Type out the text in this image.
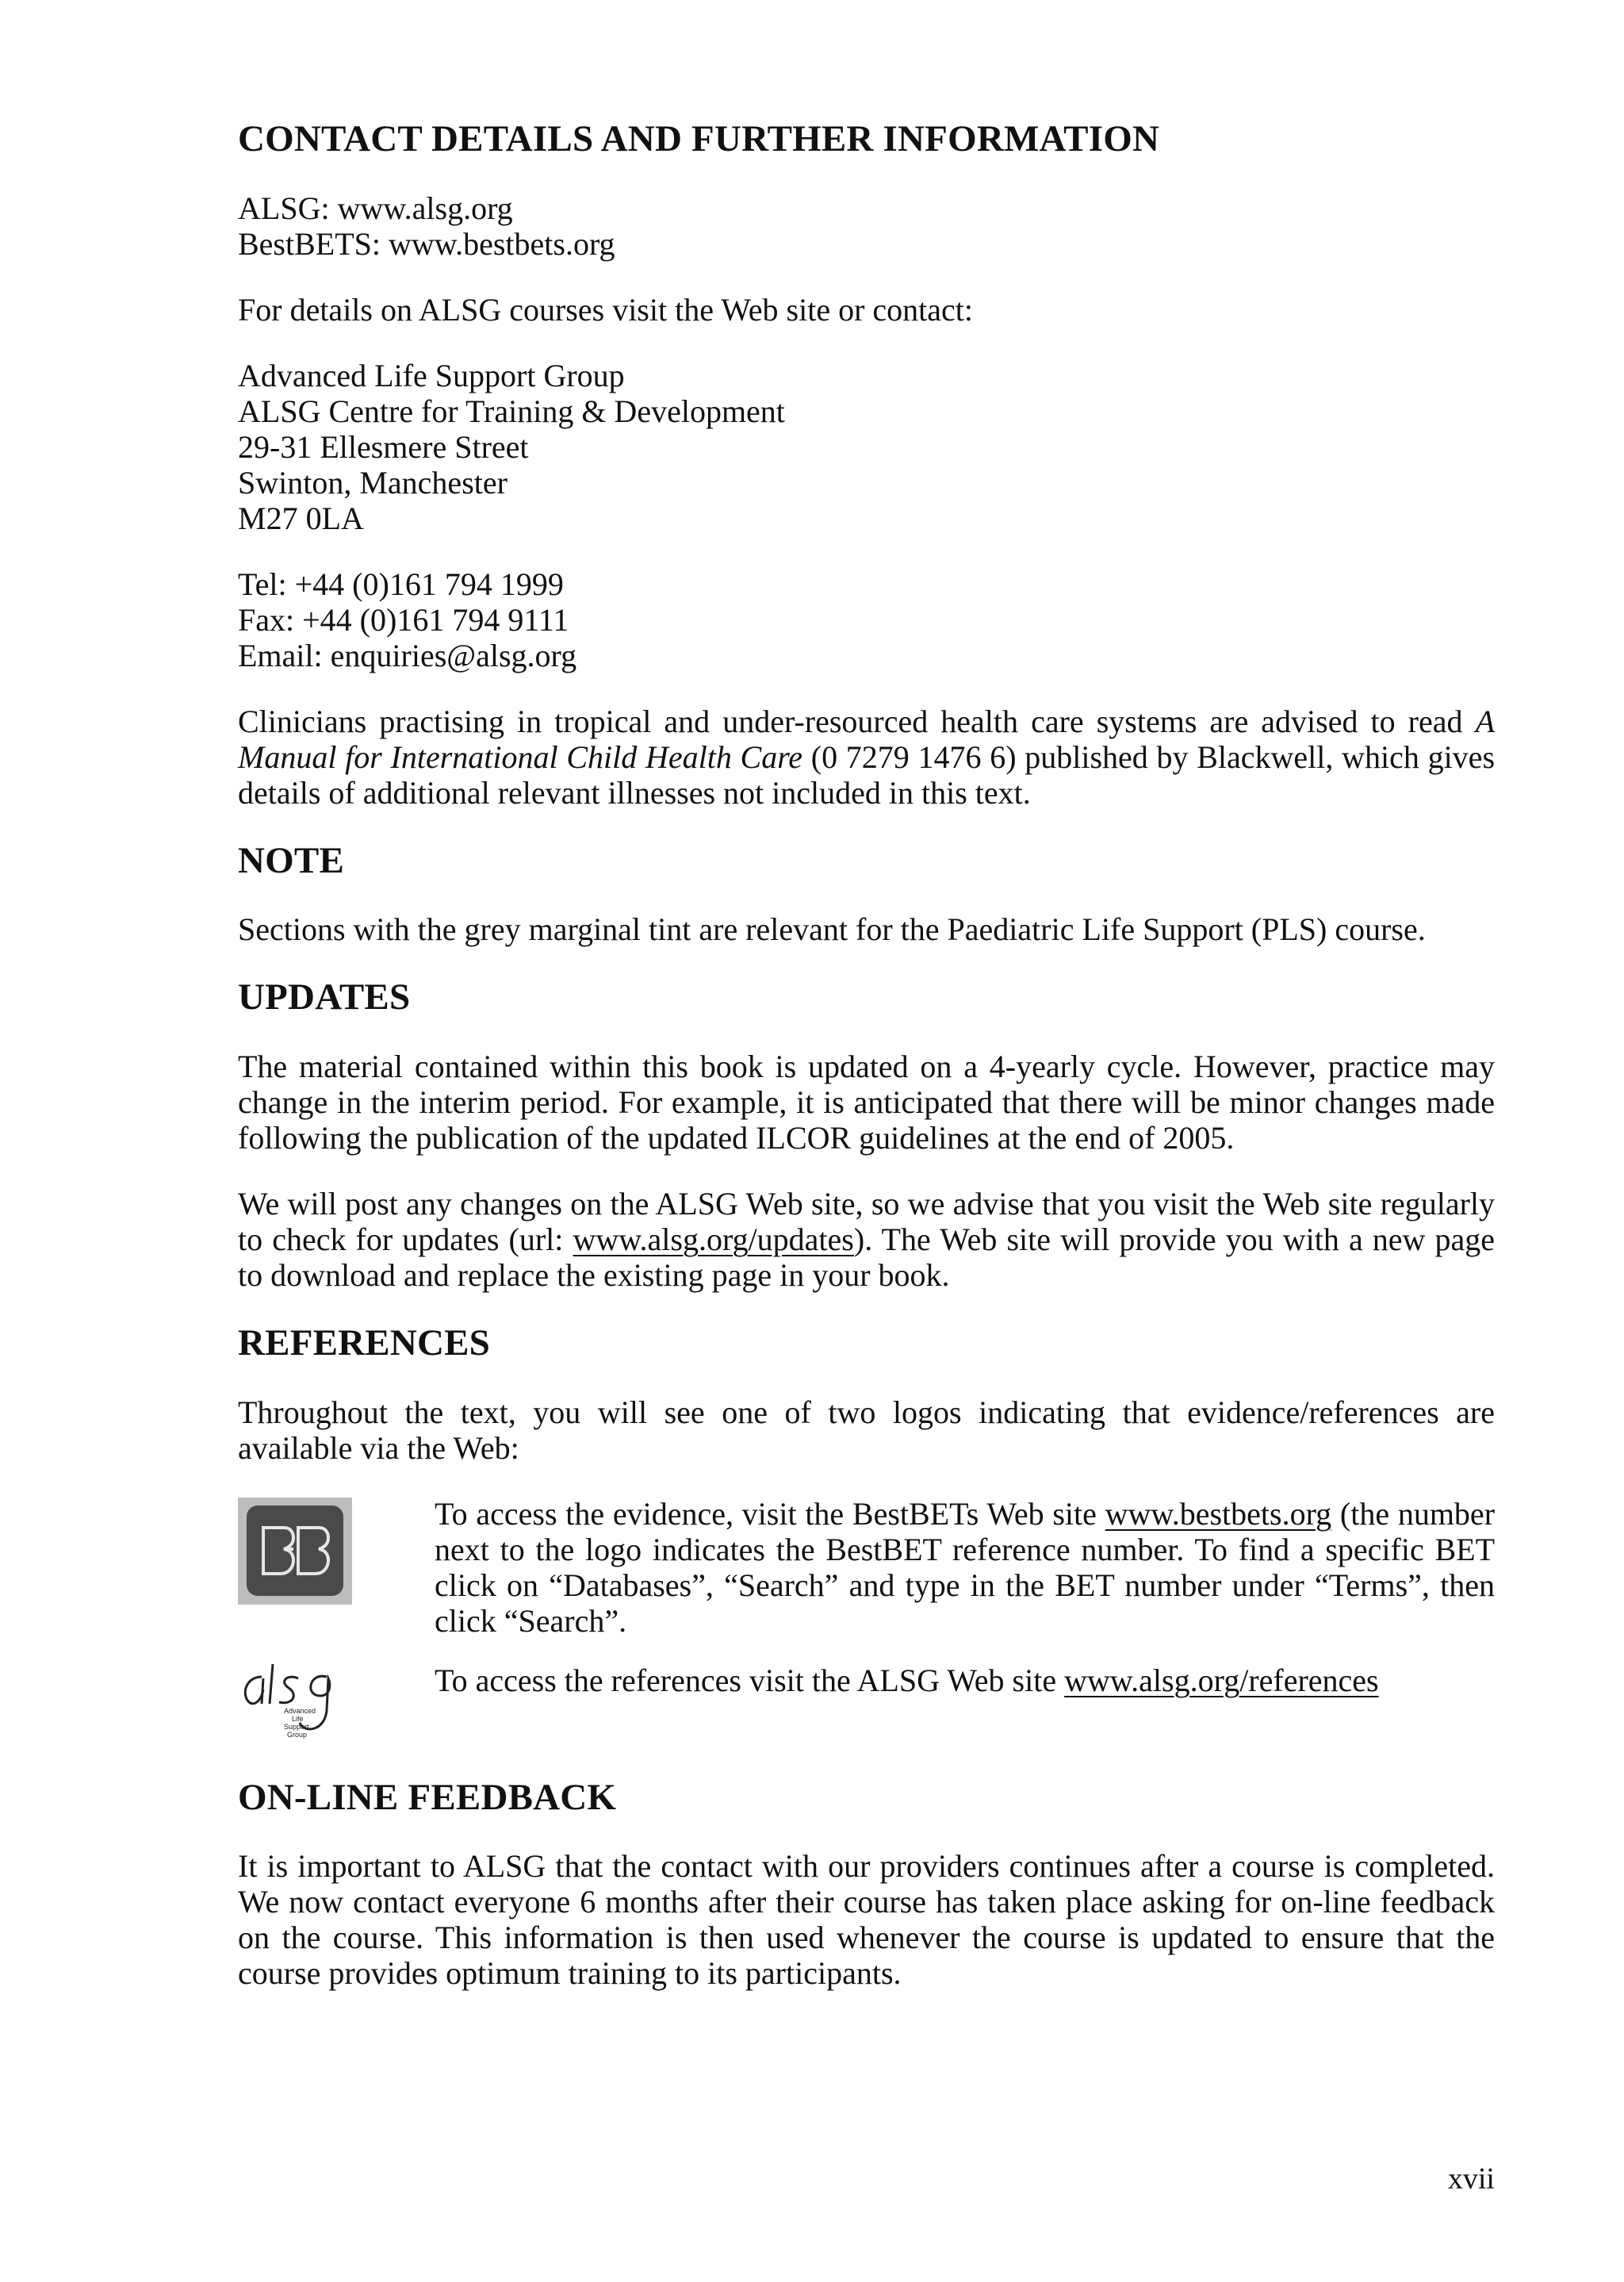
CONTACT DETAILS AND FURTHER INFORMATION
ALSG: www.alsg.org
BestBETS: www.bestbets.org

For details on ALSG courses visit the Web site or contact:

Advanced Life Support Group
ALSG Centre for Training & Development
29-31 Ellesmere Street
Swinton, Manchester
M27 0LA
Tel: +44 (0)161 794 1999
Fax: +44 (0)161 794 9111
Email: enquiries@alsg.org

Clinicians practising in tropical and under-resourced health care systems are advised to read A Manual for International Child Health Care (0 7279 1476 6) published by Blackwell, which gives details of additional relevant illnesses not included in this text.

NOTE

Sections with the grey marginal tint are relevant for the Paediatric Life Support (PLS) course.

UPDATES

The material contained within this book is updated on a 4-yearly cycle. However, practice may change in the interim period. For example, it is anticipated that there will be minor changes made following the publication of the updated ILCOR guidelines at the end of 2005.

We will post any changes on the ALSG Web site, so we advise that you visit the Web site regularly to check for updates (url: www.alsg.org/updates). The Web site will provide you with a new page to download and replace the existing page in your book.

REFERENCES

Throughout the text, you will see one of two logos indicating that evidence/references are available via the Web:

To access the evidence, visit the BestBETs Web site www.bestbets.org (the number next to the logo indicates the BestBET reference number. To find a specific BET click on “Databases”, “Search” and type in the BET number under “Terms”, then click “Search”.
Advanced
Life
Support
Group
To access the references visit the ALSG Web site www.alsg.org/references
ON-LINE FEEDBACK

It is important to ALSG that the contact with our providers continues after a course is completed. We now contact everyone 6 months after their course has taken place asking for on-line feedback on the course. This information is then used whenever the course is updated to ensure that the course provides optimum training to its participants.

xvii
